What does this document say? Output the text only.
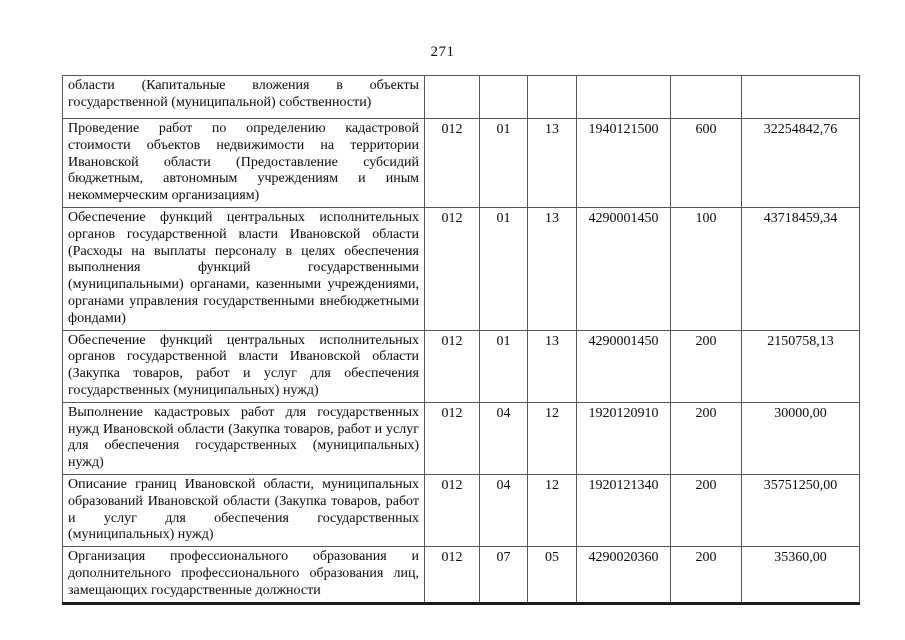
271
области (Капитальные вложения в объекты государственной (муниципальной) собственности)						
Проведение работ по определению кадастровой стоимости объектов недвижимости на территории Ивановской области (Предоставление субсидий бюджетным, автономным учреждениям и иным некоммерческим организациям)	012	01	13	1940121500	600	32254842,76
Обеспечение функций центральных исполнительных органов государственной власти Ивановской области (Расходы на выплаты персоналу в целях обеспечения выполнения функций государственными (муниципальными) органами, казенными учреждениями, органами управления государственными внебюджетными фондами)	012	01	13	4290001450	100	43718459,34
Обеспечение функций центральных исполнительных органов государственной власти Ивановской области (Закупка товаров, работ и услуг для обеспечения государственных (муниципальных) нужд)	012	01	13	4290001450	200	2150758,13
Выполнение кадастровых работ для государственных нужд Ивановской области (Закупка товаров, работ и услуг для обеспечения государственных (муниципальных) нужд)	012	04	12	1920120910	200	30000,00
Описание границ Ивановской области, муниципальных образований Ивановской области (Закупка товаров, работ и услуг для обеспечения государственных (муниципальных) нужд)	012	04	12	1920121340	200	35751250,00
Организация профессионального образования и дополнительного профессионального образования лиц, замещающих государственные должности	012	07	05	4290020360	200	35360,00
